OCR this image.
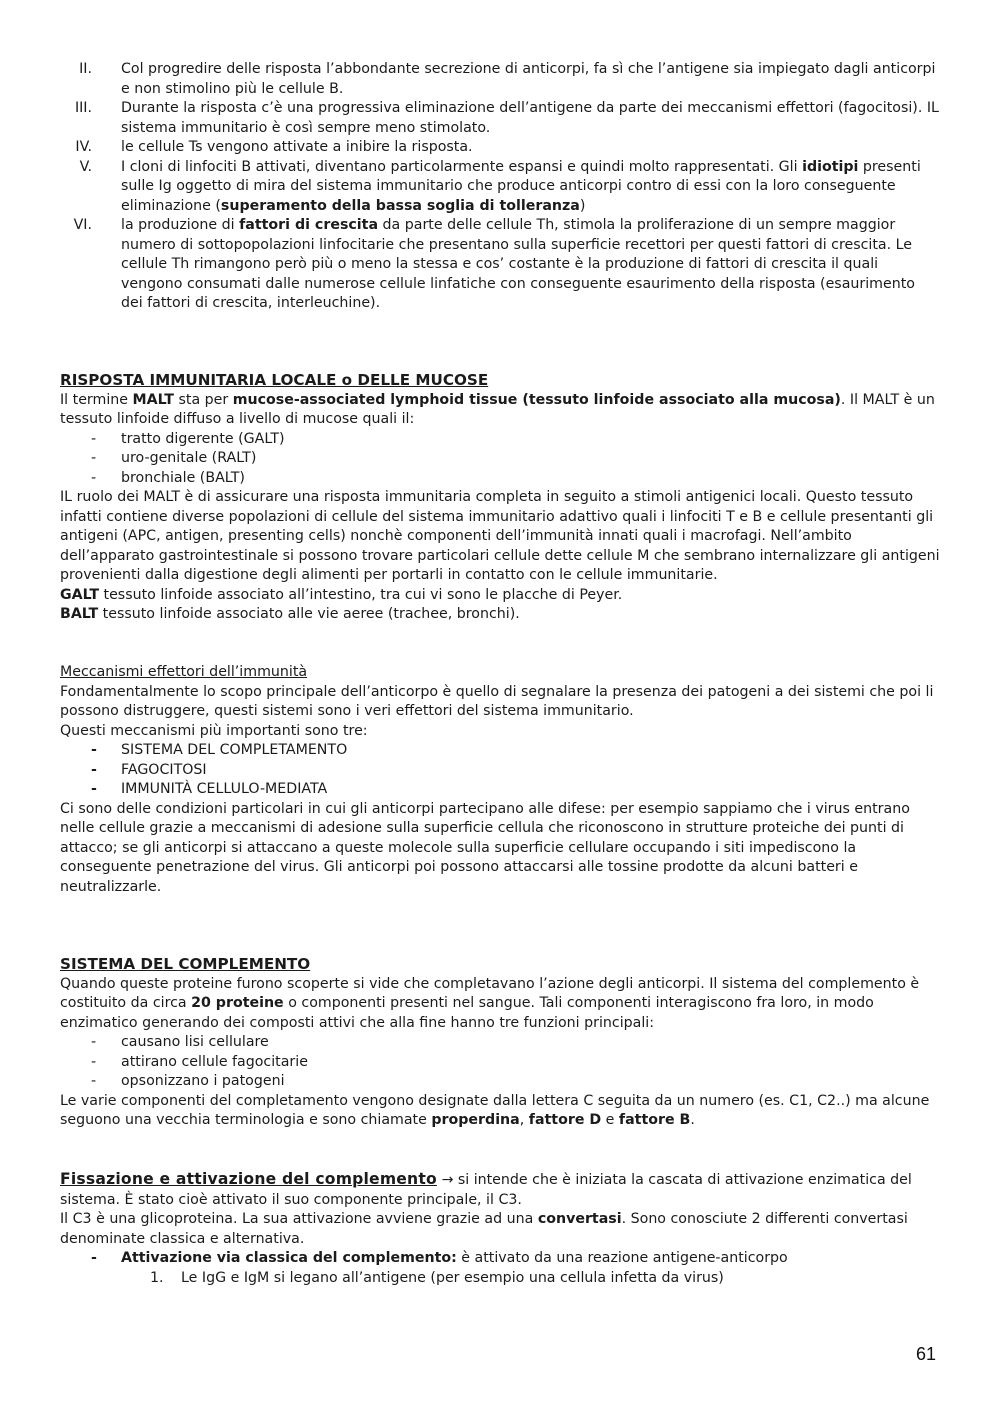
II. Col progredire delle risposta l’abbondante secrezione di anticorpi, fa sì che l’antigene sia impiegato dagli anticorpi e non stimolino più le cellule B.
III. Durante la risposta c’è una progressiva eliminazione dell’antigene da parte dei meccanismi effettori (fagocitosi). IL sistema immunitario è così sempre meno stimolato.
IV. le cellule Ts vengono attivate a inibire la risposta.
V. I cloni di linfociti B attivati, diventano particolarmente espansi e quindi molto rappresentati. Gli idiotipi presenti sulle Ig oggetto di mira del sistema immunitario che produce anticorpi contro di essi con la loro conseguente eliminazione (superamento della bassa soglia di tolleranza)
VI. la produzione di fattori di crescita da parte delle cellule Th, stimola la proliferazione di un sempre maggior numero di sottopopolazioni linfocitarie che presentano sulla superficie recettori per questi fattori di crescita. Le cellule Th rimangono però più o meno la stessa e cos’ costante è la produzione di fattori di crescita il quali vengono consumati dalle numerose cellule linfatiche con conseguente esaurimento della risposta (esaurimento dei fattori di crescita, interleuchine).
RISPOSTA IMMUNITARIA LOCALE o DELLE MUCOSE

Il termine MALT sta per mucose-associated lymphoid tissue (tessuto linfoide associato alla mucosa). Il MALT è un tessuto linfoide diffuso a livello di mucose quali il:

- tratto digerente (GALT)
- uro-genitale (RALT)
- bronchiale (BALT)

IL ruolo dei MALT è di assicurare una risposta immunitaria completa in seguito a stimoli antigenici locali. Questo tessuto infatti contiene diverse popolazioni di cellule del sistema immunitario adattivo quali i linfociti T e B e cellule presentanti gli antigeni (APC, antigen, presenting cells) nonchè componenti dell’immunità innati quali i macrofagi. Nell’ambito dell’apparato gastrointestinale si possono trovare particolari cellule dette cellule M che sembrano internalizzare gli antigeni provenienti dalla digestione degli alimenti per portarli in contatto con le cellule immunitarie.

GALT tessuto linfoide associato all’intestino, tra cui vi sono le placche di Peyer.

BALT tessuto linfoide associato alle vie aeree (trachee, bronchi).

Meccanismi effettori dell’immunità

Fondamentalmente lo scopo principale dell’anticorpo è quello di segnalare la presenza dei patogeni a dei sistemi che poi li possono distruggere, questi sistemi sono i veri effettori del sistema immunitario.

Questi meccanismi più importanti sono tre:

- SISTEMA DEL COMPLETAMENTO
- FAGOCITOSI
- IMMUNITÀ CELLULO-MEDIATA

Ci sono delle condizioni particolari in cui gli anticorpi partecipano alle difese: per esempio sappiamo che i virus entrano nelle cellule grazie a meccanismi di adesione sulla superficie cellula che riconoscono in strutture proteiche dei punti di attacco; se gli anticorpi si attaccano a queste molecole sulla superficie cellulare occupando i siti impediscono la conseguente penetrazione del virus. Gli anticorpi poi possono attaccarsi alle tossine prodotte da alcuni batteri e neutralizzarle.

SISTEMA DEL COMPLEMENTO

Quando queste proteine furono scoperte si vide che completavano l’azione degli anticorpi. Il sistema del complemento è costituito da circa 20 proteine o componenti presenti nel sangue. Tali componenti interagiscono fra loro, in modo enzimatico generando dei composti attivi che alla fine hanno tre funzioni principali:

- causano lisi cellulare
- attirano cellule fagocitarie
- opsonizzano i patogeni

Le varie componenti del completamento vengono designate dalla lettera C seguita da un numero (es. C1, C2..) ma alcune seguono una vecchia terminologia e sono chiamate properdina, fattore D e fattore B.

Fissazione e attivazione del complemento → si intende che è iniziata la cascata di attivazione enzimatica del sistema. È stato cioè attivato il suo componente principale, il C3.

Il C3 è una glicoproteina. La sua attivazione avviene grazie ad una convertasi. Sono conosciute 2 differenti convertasi denominate classica e alternativa.

- Attivazione via classica del complemento: è attivato da una reazione antigene-anticorpo
1. Le IgG e IgM si legano all’antigene (per esempio una cellula infetta da virus)
61
